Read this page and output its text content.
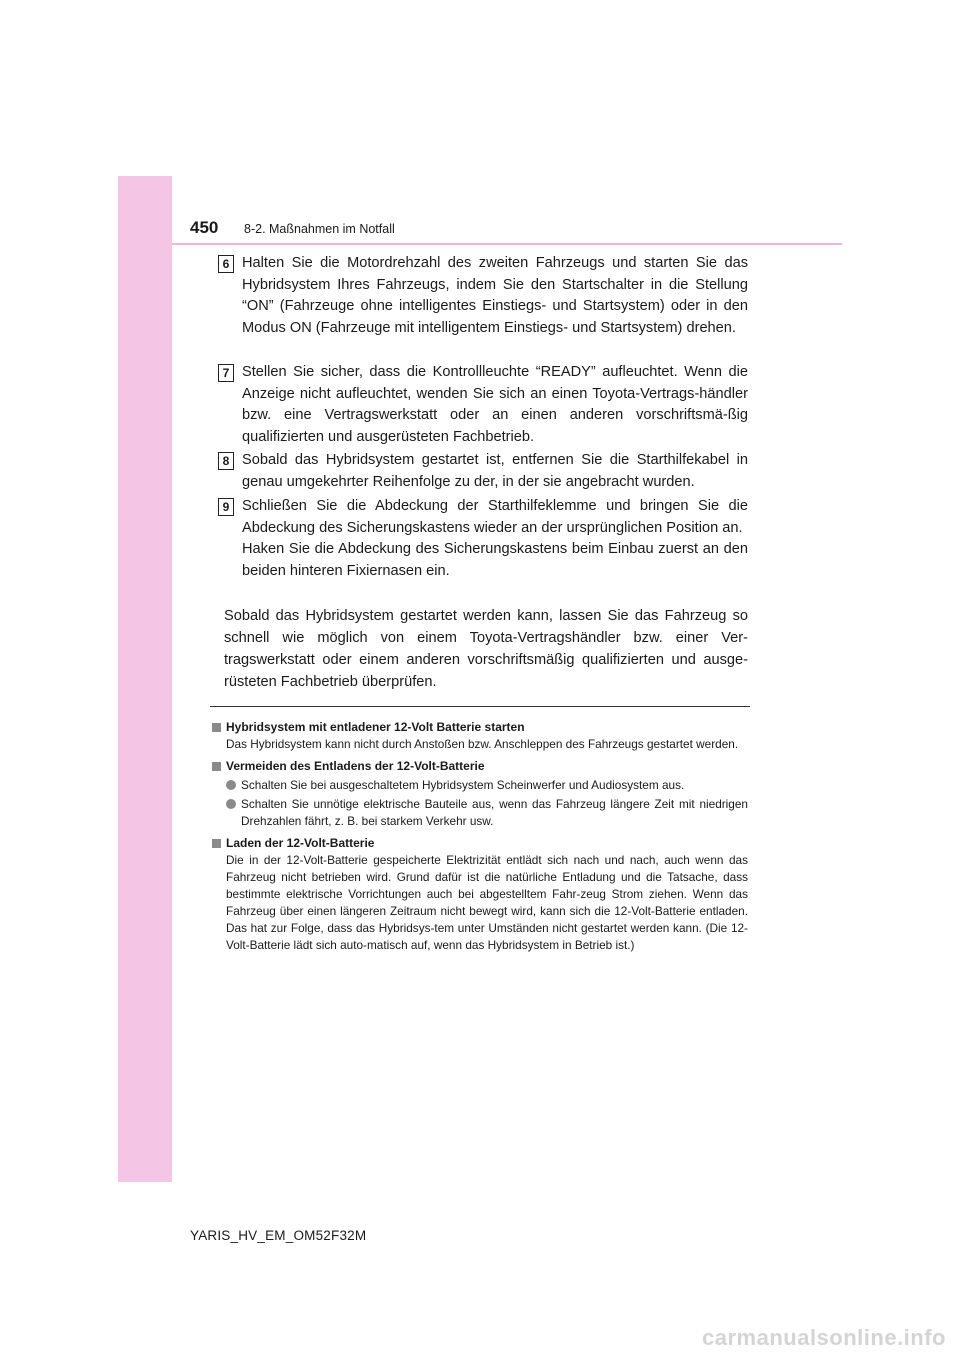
450 8-2. Maßnahmen im Notfall
6 Halten Sie die Motordrehzahl des zweiten Fahrzeugs und starten Sie das Hybridsystem Ihres Fahrzeugs, indem Sie den Startschalter in die Stellung “ON” (Fahrzeuge ohne intelligentes Einstiegs- und Startsystem) oder in den Modus ON (Fahrzeuge mit intelligentem Einstiegs- und Startsystem) drehen.
7 Stellen Sie sicher, dass die Kontrollleuchte “READY” aufleuchtet. Wenn die Anzeige nicht aufleuchtet, wenden Sie sich an einen Toyota-Vertrags-händler bzw. eine Vertragswerkstatt oder an einen anderen vorschriftsmä-ßig qualifizierten und ausgerüsteten Fachbetrieb.
8 Sobald das Hybridsystem gestartet ist, entfernen Sie die Starthilfekabel in genau umgekehrter Reihenfolge zu der, in der sie angebracht wurden.
9 Schließen Sie die Abdeckung der Starthilfeklemme und bringen Sie die Abdeckung des Sicherungskastens wieder an der ursprünglichen Position an.
Haken Sie die Abdeckung des Sicherungskastens beim Einbau zuerst an den beiden hinteren Fixiernasen ein.
Sobald das Hybridsystem gestartet werden kann, lassen Sie das Fahrzeug so schnell wie möglich von einem Toyota-Vertragshändler bzw. einer Ver-tragswerkstatt oder einem anderen vorschriftsmäßig qualifizierten und ausge-rüsteten Fachbetrieb überprüfen.
Hybridsystem mit entladener 12-Volt Batterie starten
Das Hybridsystem kann nicht durch Anstoßen bzw. Anschleppen des Fahrzeugs gestartet werden.
Vermeiden des Entladens der 12-Volt-Batterie
Schalten Sie bei ausgeschaltetem Hybridsystem Scheinwerfer und Audiosystem aus.
Schalten Sie unnötige elektrische Bauteile aus, wenn das Fahrzeug längere Zeit mit niedrigen Drehzahlen fährt, z. B. bei starkem Verkehr usw.
Laden der 12-Volt-Batterie
Die in der 12-Volt-Batterie gespeicherte Elektrizität entlädt sich nach und nach, auch wenn das Fahrzeug nicht betrieben wird. Grund dafür ist die natürliche Entladung und die Tatsache, dass bestimmte elektrische Vorrichtungen auch bei abgestelltem Fahr-zeug Strom ziehen. Wenn das Fahrzeug über einen längeren Zeitraum nicht bewegt wird, kann sich die 12-Volt-Batterie entladen. Das hat zur Folge, dass das Hybridsys-tem unter Umständen nicht gestartet werden kann. (Die 12-Volt-Batterie lädt sich auto-matisch auf, wenn das Hybridsystem in Betrieb ist.)
YARIS_HV_EM_OM52F32M
carmanualsonline.info
